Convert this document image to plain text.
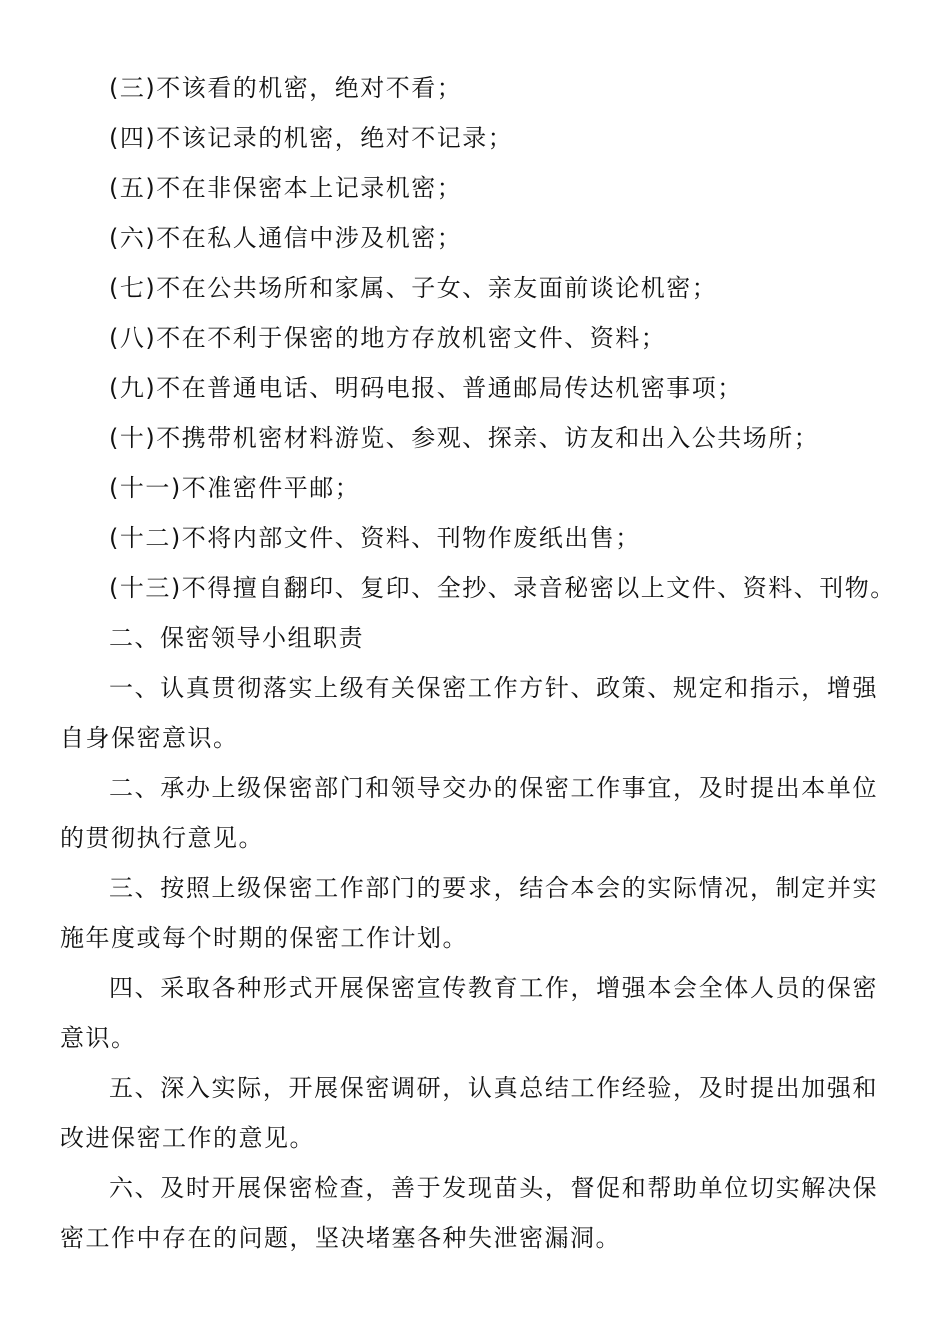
(三)不该看的机密，绝对不看；
(四)不该记录的机密，绝对不记录；
(五)不在非保密本上记录机密；
(六)不在私人通信中涉及机密；
(七)不在公共场所和家属、子女、亲友面前谈论机密；
(八)不在不利于保密的地方存放机密文件、资料；
(九)不在普通电话、明码电报、普通邮局传达机密事项；
(十)不携带机密材料游览、参观、探亲、访友和出入公共场所；
(十一)不准密件平邮；
(十二)不将内部文件、资料、刊物作废纸出售；
(十三)不得擅自翻印、复印、全抄、录音秘密以上文件、资料、刊物。
二、保密领导小组职责
一、认真贯彻落实上级有关保密工作方针、政策、规定和指示，增强自身保密意识。
二、承办上级保密部门和领导交办的保密工作事宜，及时提出本单位的贯彻执行意见。
三、按照上级保密工作部门的要求，结合本会的实际情况，制定并实施年度或每个时期的保密工作计划。
四、采取各种形式开展保密宣传教育工作，增强本会全体人员的保密意识。
五、深入实际，开展保密调研，认真总结工作经验，及时提出加强和改进保密工作的意见。
六、及时开展保密检查，善于发现苗头，督促和帮助单位切实解决保密工作中存在的问题，坚决堵塞各种失泄密漏洞。
